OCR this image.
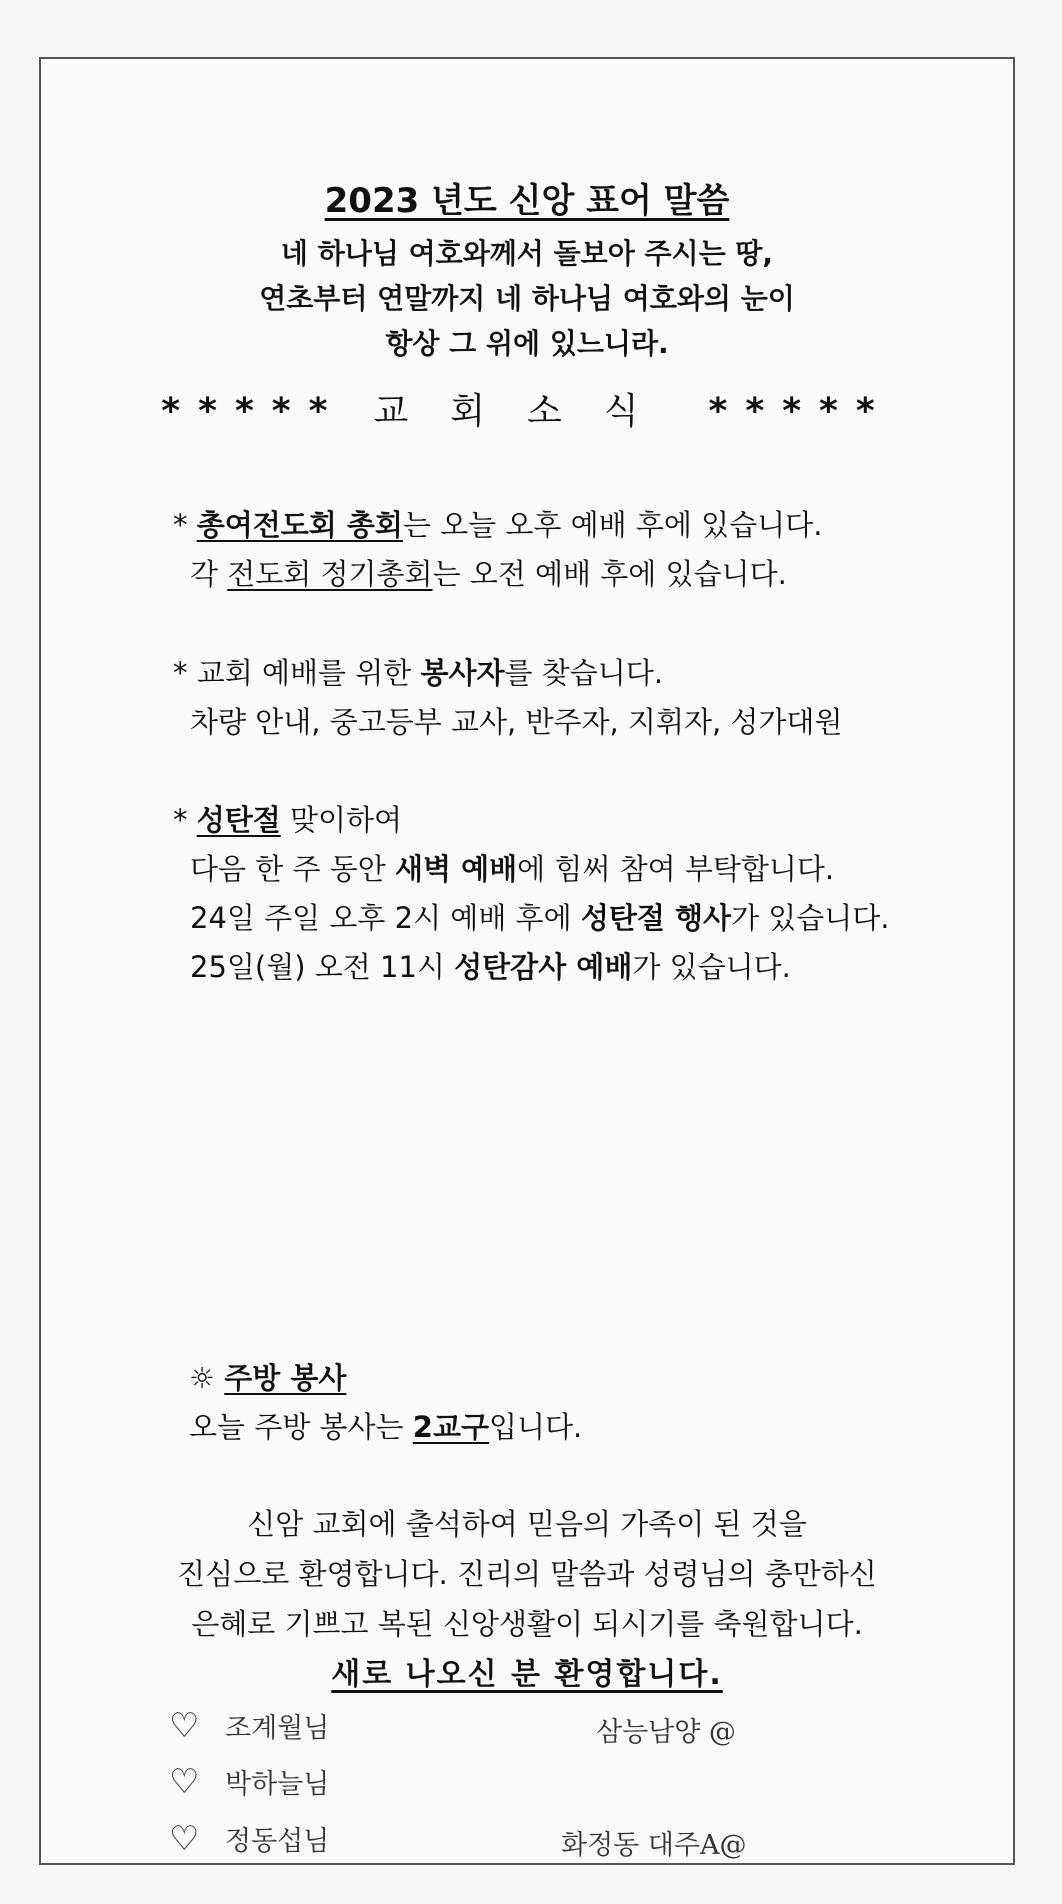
2023 년도 신앙 표어 말씀
네 하나님 여호와께서 돌보아 주시는 땅,
연초부터 연말까지 네 하나님 여호와의 눈이
항상 그 위에 있느니라.
***** 교회소식 *****

* 총여전도회 총회는 오늘 오후 예배 후에 있습니다.

각 전도회 정기총회는 오전 예배 후에 있습니다.

* 교회 예배를 위한 봉사자를 찾습니다.

차량 안내, 중고등부 교사, 반주자, 지휘자, 성가대원

* 성탄절 맞이하여

다음 한 주 동안 새벽 예배에 힘써 참여 부탁합니다.

24일 주일 오후 2시 예배 후에 성탄절 행사가 있습니다.

25일(월) 오전 11시 성탄감사 예배가 있습니다.

☼ 주방 봉사

오늘 주방 봉사는 2교구입니다.

신암 교회에 출석하여 믿음의 가족이 된 것을
진심으로 환영합니다. 진리의 말씀과 성령님의 충만하신
은혜로 기쁘고 복된 신앙생활이 되시기를 축원합니다.
새로 나오신 분 환영합니다.
♡ 조계월님	삼능남양 @
♡ 박하늘님
♡ 정동섭님	화정동 대주A@
